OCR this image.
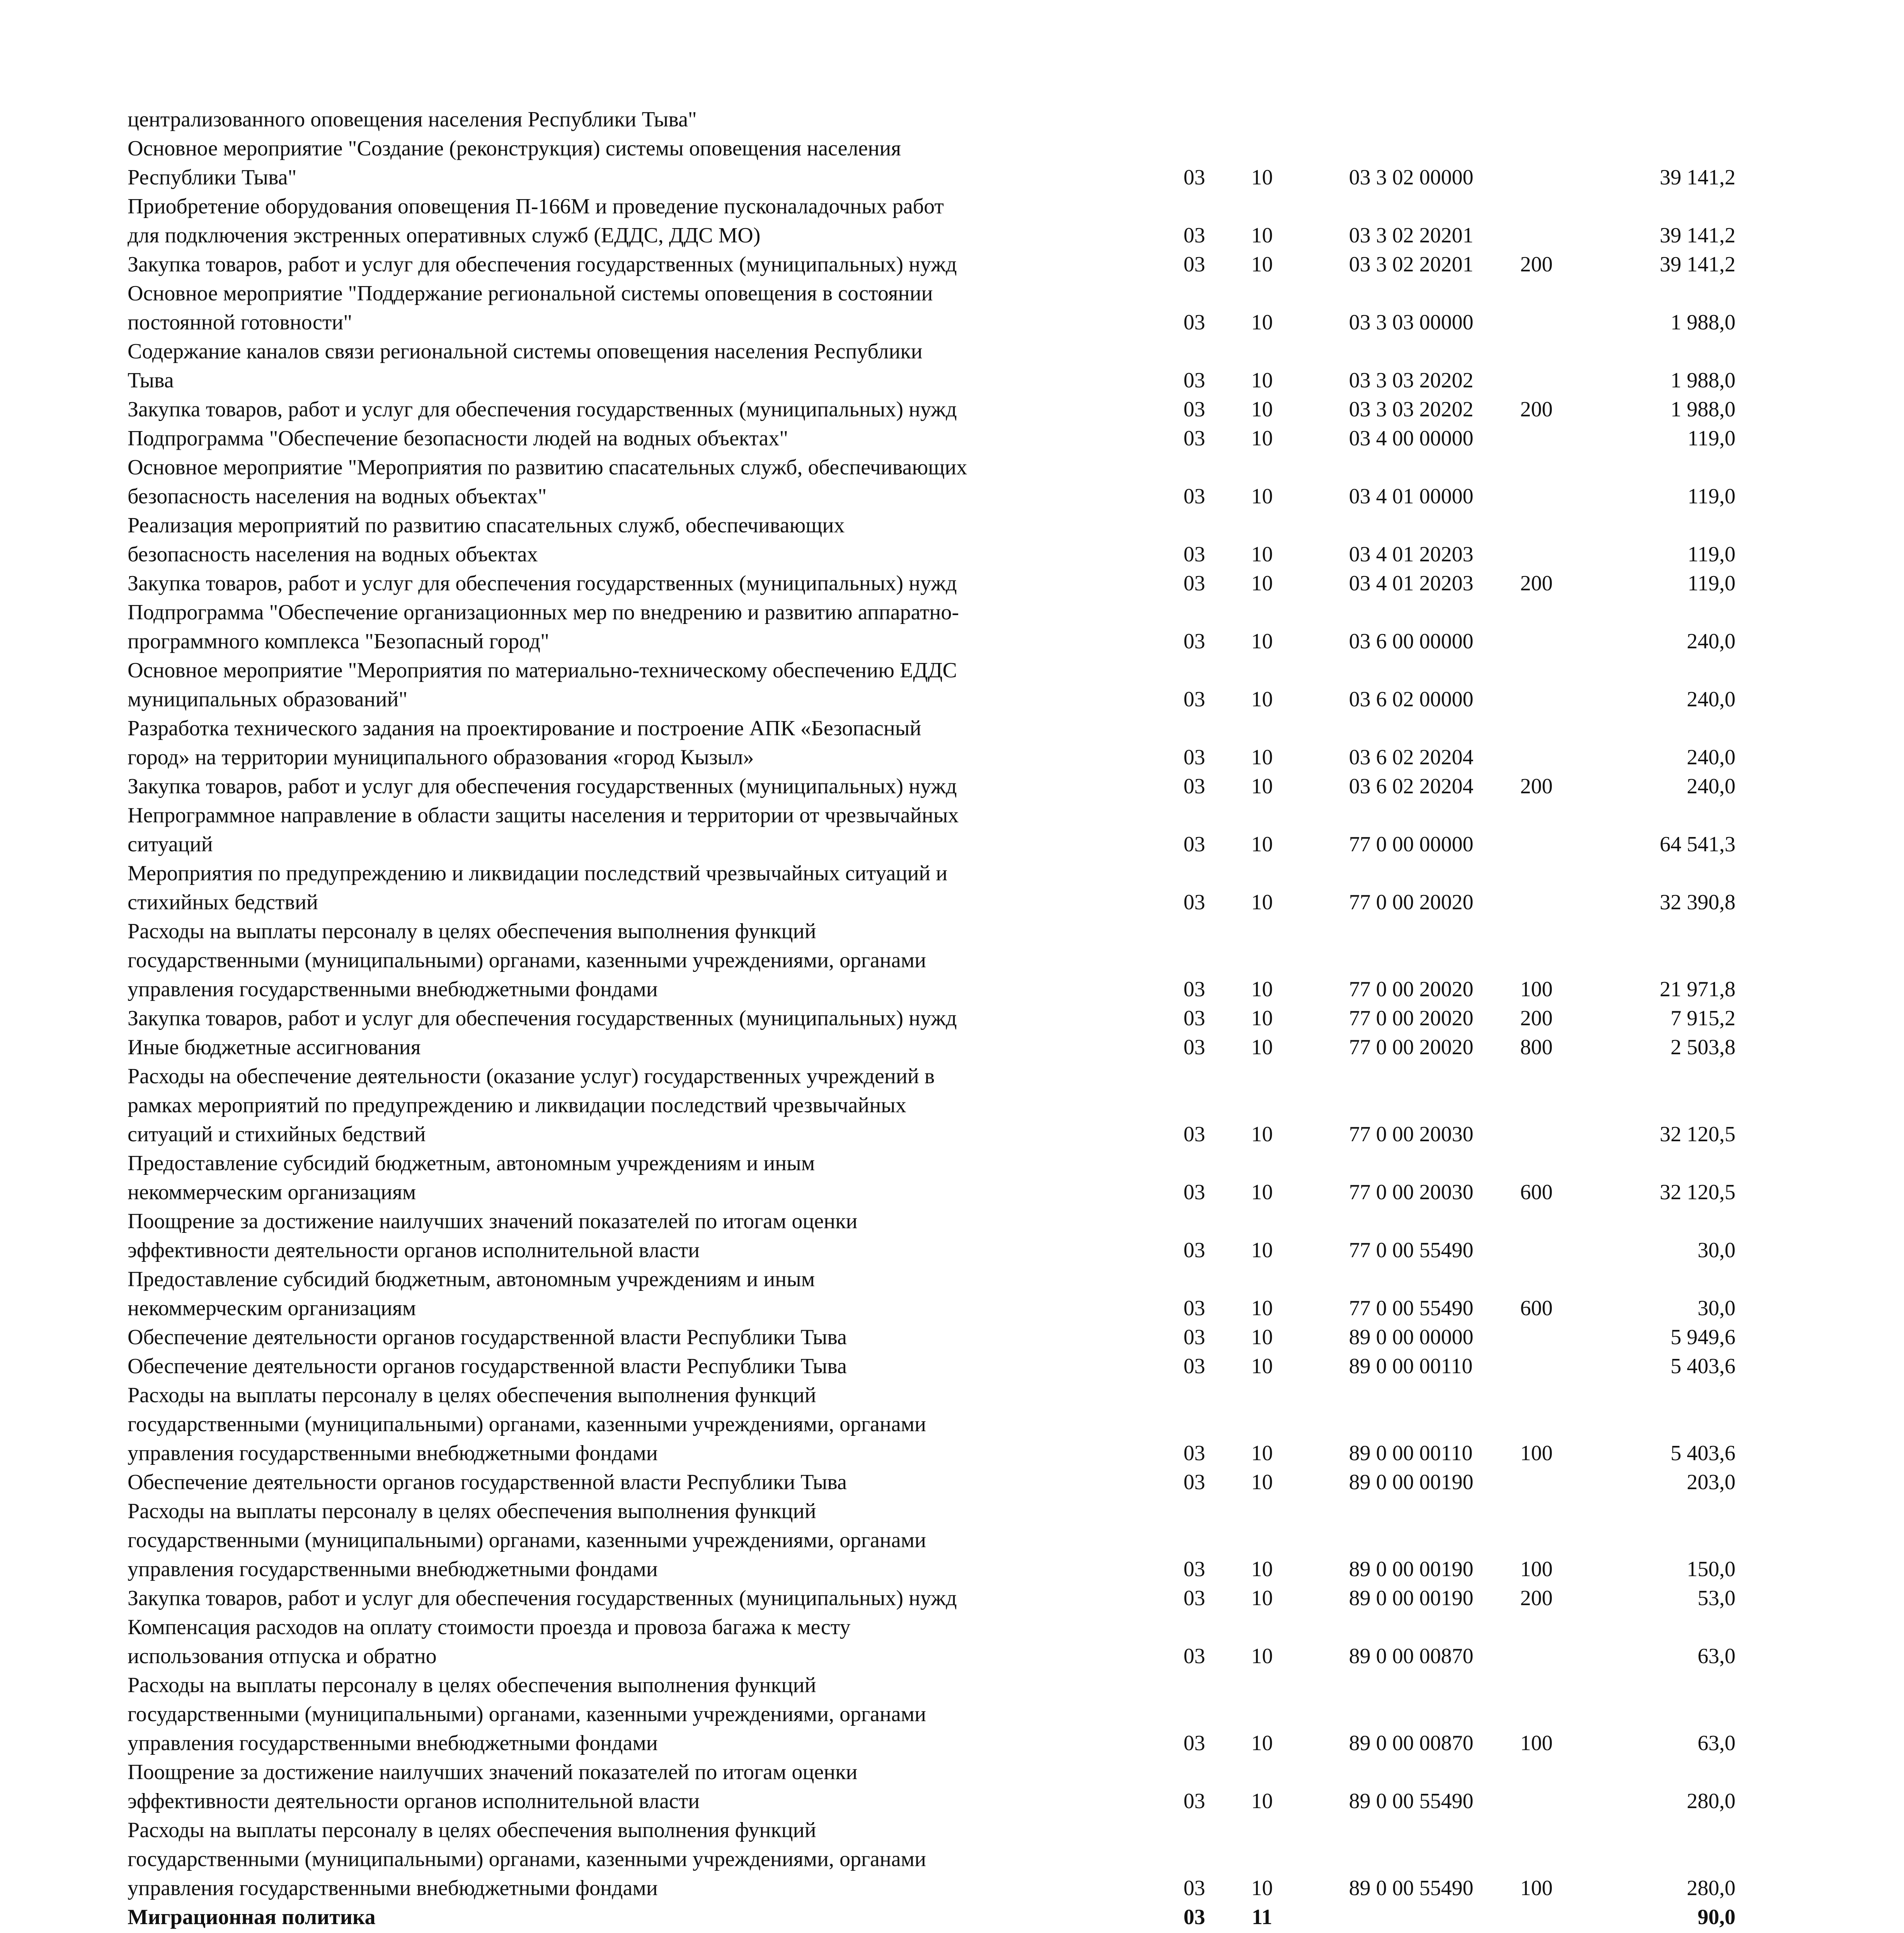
централизованного оповещения населения Республики Тыва"					
Основное мероприятие "Создание (реконструкция) системы оповещения населения
Республики Тыва"	03	10	03 3 02 00000		39 141,2
Приобретение оборудования оповещения П-166М и проведение пусконаладочных работ
для подключения экстренных оперативных служб (ЕДДС, ДДС МО)	03	10	03 3 02 20201		39 141,2
Закупка товаров, работ и услуг для обеспечения государственных (муниципальных) нужд	03	10	03 3 02 20201	200	39 141,2
Основное мероприятие "Поддержание региональной системы оповещения в состоянии
постоянной готовности"	03	10	03 3 03 00000		1 988,0
Содержание каналов связи региональной системы оповещения населения Республики
Тыва	03	10	03 3 03 20202		1 988,0
Закупка товаров, работ и услуг для обеспечения государственных (муниципальных) нужд	03	10	03 3 03 20202	200	1 988,0
Подпрограмма "Обеспечение безопасности людей на водных объектах"	03	10	03 4 00 00000		119,0
Основное мероприятие "Мероприятия по развитию спасательных служб, обеспечивающих
безопасность населения на водных объектах"	03	10	03 4 01 00000		119,0
Реализация мероприятий по развитию спасательных служб, обеспечивающих
безопасность населения на водных объектах	03	10	03 4 01 20203		119,0
Закупка товаров, работ и услуг для обеспечения государственных (муниципальных) нужд	03	10	03 4 01 20203	200	119,0
Подпрограмма "Обеспечение организационных мер по внедрению и развитию аппаратно-
программного комплекса "Безопасный город"	03	10	03 6 00 00000		240,0
Основное мероприятие "Мероприятия по материально-техническому обеспечению ЕДДС
муниципальных образований"	03	10	03 6 02 00000		240,0
Разработка технического задания на проектирование и построение АПК «Безопасный
город» на территории муниципального образования «город Кызыл»	03	10	03 6 02 20204		240,0
Закупка товаров, работ и услуг для обеспечения государственных (муниципальных) нужд	03	10	03 6 02 20204	200	240,0
Непрограммное направление в области защиты населения и территории от чрезвычайных
ситуаций	03	10	77 0 00 00000		64 541,3
Мероприятия по предупреждению и ликвидации последствий чрезвычайных ситуаций и
стихийных бедствий	03	10	77 0 00 20020		32 390,8
Расходы на выплаты персоналу в целях обеспечения выполнения функций
государственными (муниципальными) органами, казенными учреждениями, органами
управления государственными внебюджетными фондами	03	10	77 0 00 20020	100	21 971,8
Закупка товаров, работ и услуг для обеспечения государственных (муниципальных) нужд	03	10	77 0 00 20020	200	7 915,2
Иные бюджетные ассигнования	03	10	77 0 00 20020	800	2 503,8
Расходы на обеспечение деятельности (оказание услуг) государственных учреждений в
рамках мероприятий по предупреждению и ликвидации последствий чрезвычайных
ситуаций и стихийных бедствий	03	10	77 0 00 20030		32 120,5
Предоставление субсидий бюджетным, автономным учреждениям и иным
некоммерческим организациям	03	10	77 0 00 20030	600	32 120,5
Поощрение за достижение наилучших значений показателей по итогам оценки
эффективности деятельности органов исполнительной власти	03	10	77 0 00 55490		30,0
Предоставление субсидий бюджетным, автономным учреждениям и иным
некоммерческим организациям	03	10	77 0 00 55490	600	30,0
Обеспечение деятельности органов государственной власти Республики Тыва	03	10	89 0 00 00000		5 949,6
Обеспечение деятельности органов государственной власти Республики Тыва	03	10	89 0 00 00110		5 403,6
Расходы на выплаты персоналу в целях обеспечения выполнения функций
государственными (муниципальными) органами, казенными учреждениями, органами
управления государственными внебюджетными фондами	03	10	89 0 00 00110	100	5 403,6
Обеспечение деятельности органов государственной власти Республики Тыва	03	10	89 0 00 00190		203,0
Расходы на выплаты персоналу в целях обеспечения выполнения функций
государственными (муниципальными) органами, казенными учреждениями, органами
управления государственными внебюджетными фондами	03	10	89 0 00 00190	100	150,0
Закупка товаров, работ и услуг для обеспечения государственных (муниципальных) нужд	03	10	89 0 00 00190	200	53,0
Компенсация расходов на оплату стоимости проезда и провоза багажа к месту
использования отпуска и обратно	03	10	89 0 00 00870		63,0
Расходы на выплаты персоналу в целях обеспечения выполнения функций
государственными (муниципальными) органами, казенными учреждениями, органами
управления государственными внебюджетными фондами	03	10	89 0 00 00870	100	63,0
Поощрение за достижение наилучших значений показателей по итогам оценки
эффективности деятельности органов исполнительной власти	03	10	89 0 00 55490		280,0
Расходы на выплаты персоналу в целях обеспечения выполнения функций
государственными (муниципальными) органами, казенными учреждениями, органами
управления государственными внебюджетными фондами	03	10	89 0 00 55490	100	280,0
Миграционная политика	03	11			90,0
